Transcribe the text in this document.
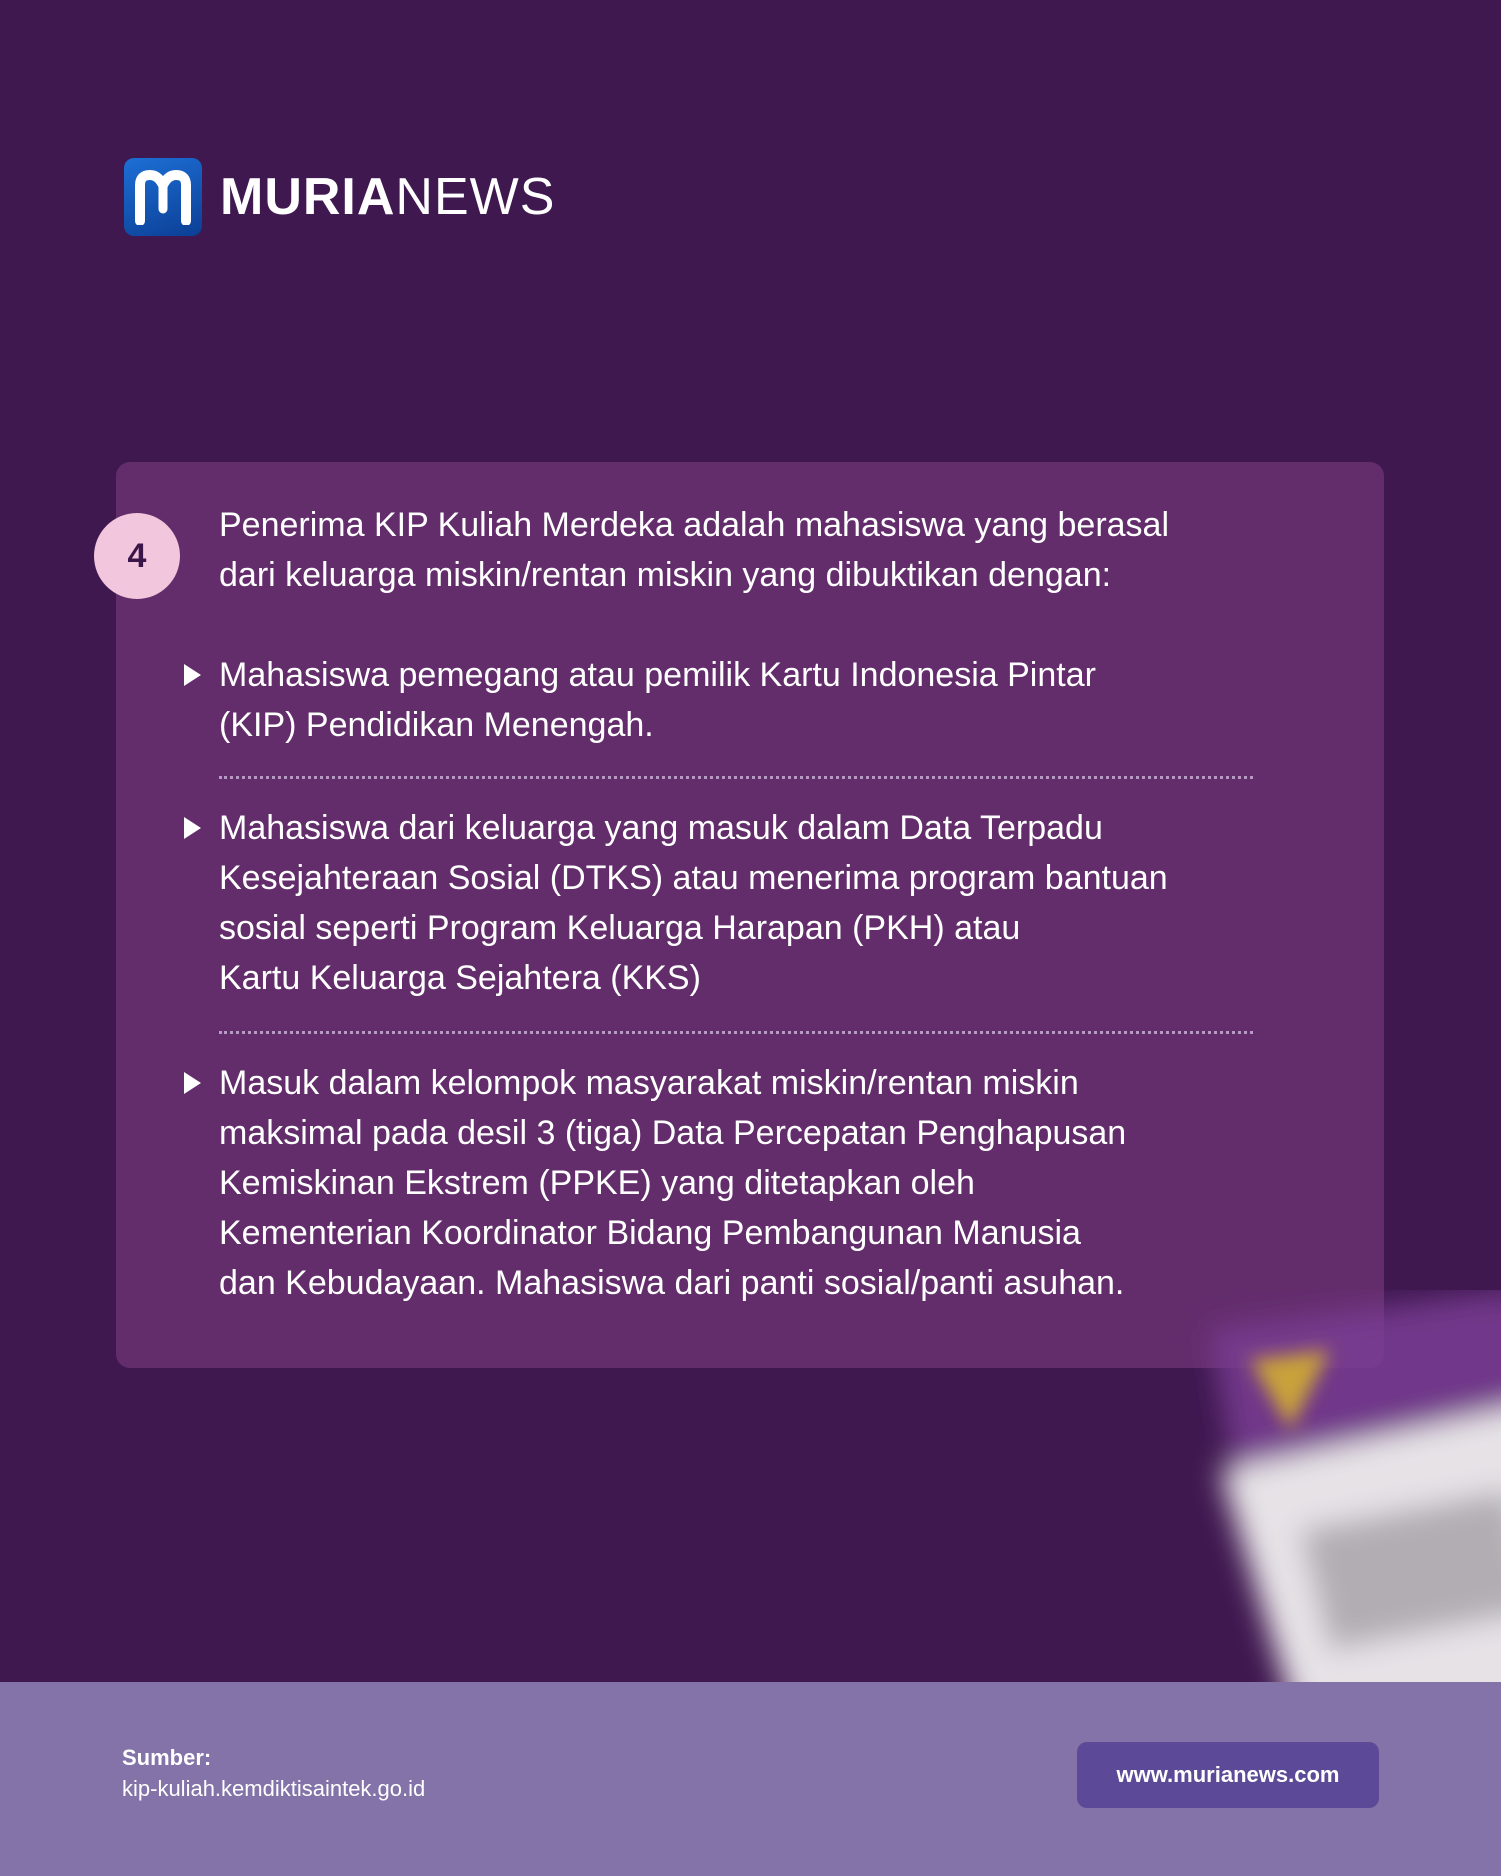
MURIANEWS
4

Penerima KIP Kuliah Merdeka adalah mahasiswa yang berasal
dari keluarga miskin/rentan miskin yang dibuktikan dengan:

Mahasiswa pemegang atau pemilik Kartu Indonesia Pintar
(KIP) Pendidikan Menengah.
Mahasiswa dari keluarga yang masuk dalam Data Terpadu
Kesejahteraan Sosial (DTKS) atau menerima program bantuan
sosial seperti Program Keluarga Harapan (PKH) atau
Kartu Keluarga Sejahtera (KKS)
Masuk dalam kelompok masyarakat miskin/rentan miskin
maksimal pada desil 3 (tiga) Data Percepatan Penghapusan
Kemiskinan Ekstrem (PPKE) yang ditetapkan oleh
Kementerian Koordinator Bidang Pembangunan Manusia
dan Kebudayaan. Mahasiswa dari panti sosial/panti asuhan.
Sumber:
kip-kuliah.kemdiktisaintek.go.id
www.murianews.com
